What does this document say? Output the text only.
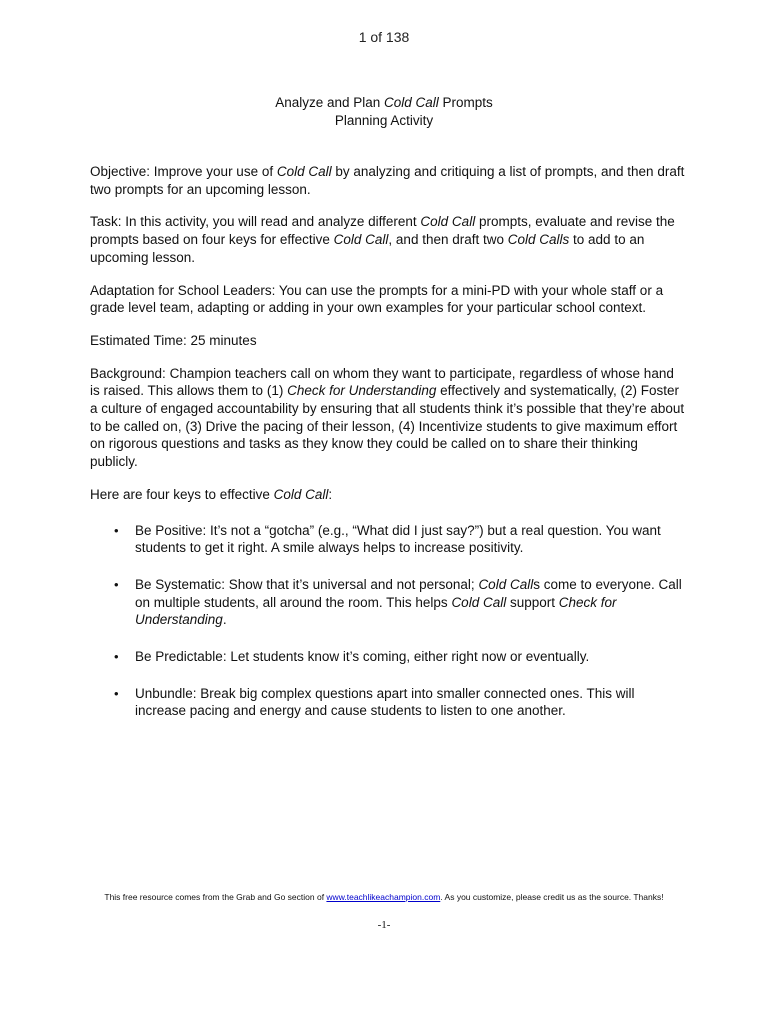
1 of 138
Analyze and Plan Cold Call Prompts
Planning Activity

Objective: Improve your use of Cold Call by analyzing and critiquing a list of prompts, and then draft two prompts for an upcoming lesson.

Task: In this activity, you will read and analyze different Cold Call prompts, evaluate and revise the prompts based on four keys for effective Cold Call, and then draft two Cold Calls to add to an upcoming lesson.

Adaptation for School Leaders: You can use the prompts for a mini-PD with your whole staff or a grade level team, adapting or adding in your own examples for your particular school context.

Estimated Time: 25 minutes

Background: Champion teachers call on whom they want to participate, regardless of whose hand is raised. This allows them to (1) Check for Understanding effectively and systematically, (2) Foster a culture of engaged accountability by ensuring that all students think it’s possible that they’re about to be called on, (3) Drive the pacing of their lesson, (4) Incentivize students to give maximum effort on rigorous questions and tasks as they know they could be called on to share their thinking publicly.

Here are four keys to effective Cold Call:

• Be Positive: It’s not a “gotcha” (e.g., “What did I just say?”) but a real question. You want students to get it right. A smile always helps to increase positivity.
• Be Systematic: Show that it’s universal and not personal; Cold Calls come to everyone. Call on multiple students, all around the room. This helps Cold Call support Check for Understanding.
• Be Predictable: Let students know it’s coming, either right now or eventually.
• Unbundle: Break big complex questions apart into smaller connected ones. This will increase pacing and energy and cause students to listen to one another.
This free resource comes from the Grab and Go section of www.teachlikeachampion.com. As you customize, please credit us as the source. Thanks!
-1-
